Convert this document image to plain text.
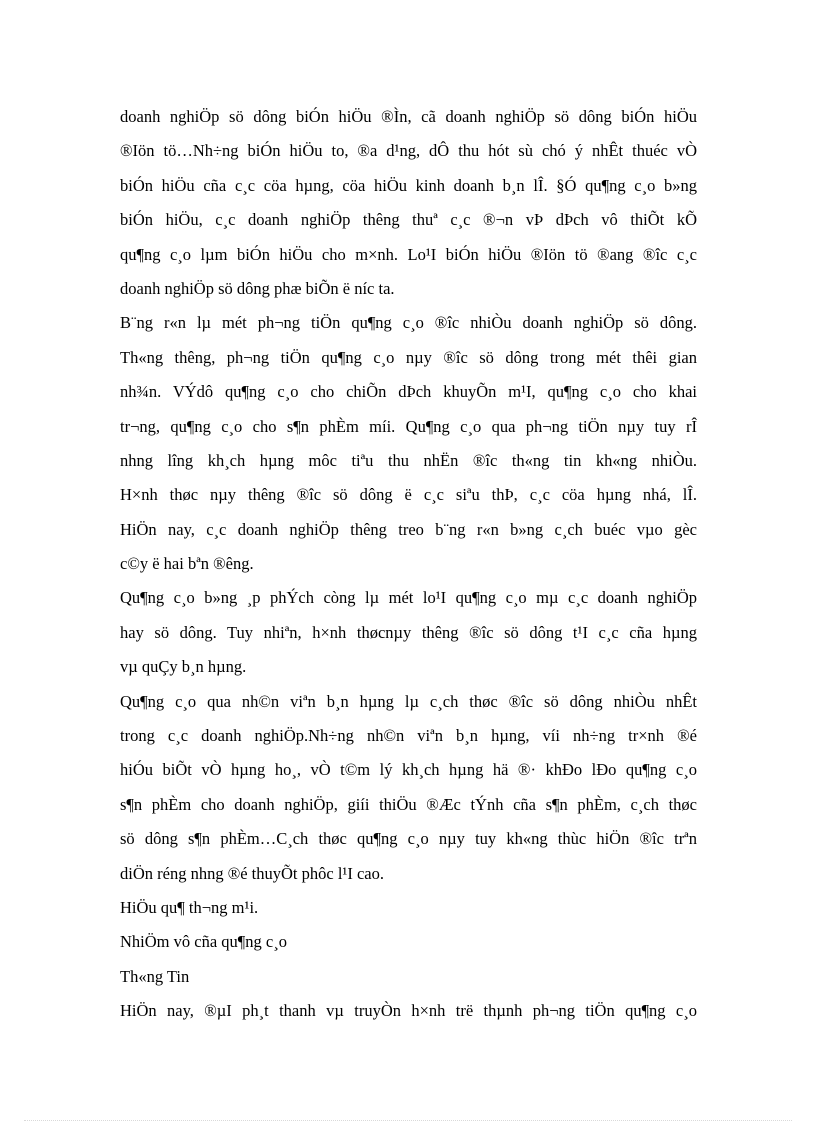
doanh nghiÖp sö dông biÓn hiÖu ®Ìn, cã doanh nghiÖp sö dông biÓn hiÖu
®Iön tö…Nh÷ng biÓn hiÖu to, ®a d¹ng, dÔ thu hót sù chó ý nhÊt thuéc vÒ
biÓn hiÖu cña c¸c cöa hµng, cöa hiÖu kinh doanh b¸n lÎ. §Ó qu¶ng c¸o b»ng
biÓn hiÖu, c¸c doanh nghiÖp thêng thuª c¸c ®¬n vÞ dÞch vô thiÕt kÕ
qu¶ng c¸o lµm biÓn hiÖu cho m×nh. Lo¹I biÓn hiÖu ®Iön tö ®ang ®îc c¸c
doanh nghiÖp sö dông phæ biÕn ë níc ta.
B¨ng r«n lµ mét ph¬ng tiÖn qu¶ng c¸o ®îc nhiÒu doanh nghiÖp sö dông.
Th«ng thêng, ph¬ng tiÖn qu¶ng c¸o nµy ®îc sö dông trong mét thêi gian
nh¾n. VÝdô qu¶ng c¸o cho chiÕn dÞch khuyÕn m¹I, qu¶ng c¸o cho khai
tr¬ng, qu¶ng c¸o cho s¶n phÈm míi. Qu¶ng c¸o qua ph¬ng tiÖn nµy tuy rÎ
nhng lîng kh¸ch hµng môc tiªu thu nhËn ®îc th«ng tin kh«ng nhiÒu.
H×nh thøc nµy thêng ®îc sö dông ë c¸c siªu thÞ, c¸c cöa hµng nhá, lÎ.
HiÖn nay, c¸c doanh nghiÖp thêng treo b¨ng r«n b»ng c¸ch buéc vµo gèc
c©y ë hai bªn ®êng.
Qu¶ng c¸o b»ng ¸p phÝch còng lµ mét lo¹I qu¶ng c¸o mµ c¸c doanh nghiÖp
hay sö dông. Tuy nhiªn, h×nh thøcnµy thêng ®îc sö dông t¹I c¸c cña hµng
vµ quÇy b¸n hµng.
Qu¶ng c¸o qua nh©n viªn b¸n hµng lµ c¸ch thøc ®îc sö dông nhiÒu nhÊt
trong c¸c doanh nghiÖp.Nh÷ng nh©n viªn b¸n hµng, víi nh÷ng tr×nh ®é
hiÓu biÕt vÒ hµng ho¸, vÒ t©m lý kh¸ch hµng hä ®· khÐo lÐo qu¶ng c¸o
s¶n phÈm cho doanh nghiÖp, giíi thiÖu ®Æc tÝnh cña s¶n phÈm, c¸ch thøc
sö dông s¶n phÈm…C¸ch thøc qu¶ng c¸o nµy tuy kh«ng thùc hiÖn ®îc trªn
diÖn réng nhng ®é thuyÕt phôc l¹I cao.
HiÖu qu¶ th¬ng m¹i.
NhiÖm vô cña qu¶ng c¸o
Th«ng Tin
HiÖn nay, ®µI ph¸t thanh vµ truyÒn h×nh trë thµnh ph¬ng tiÖn qu¶ng c¸o
